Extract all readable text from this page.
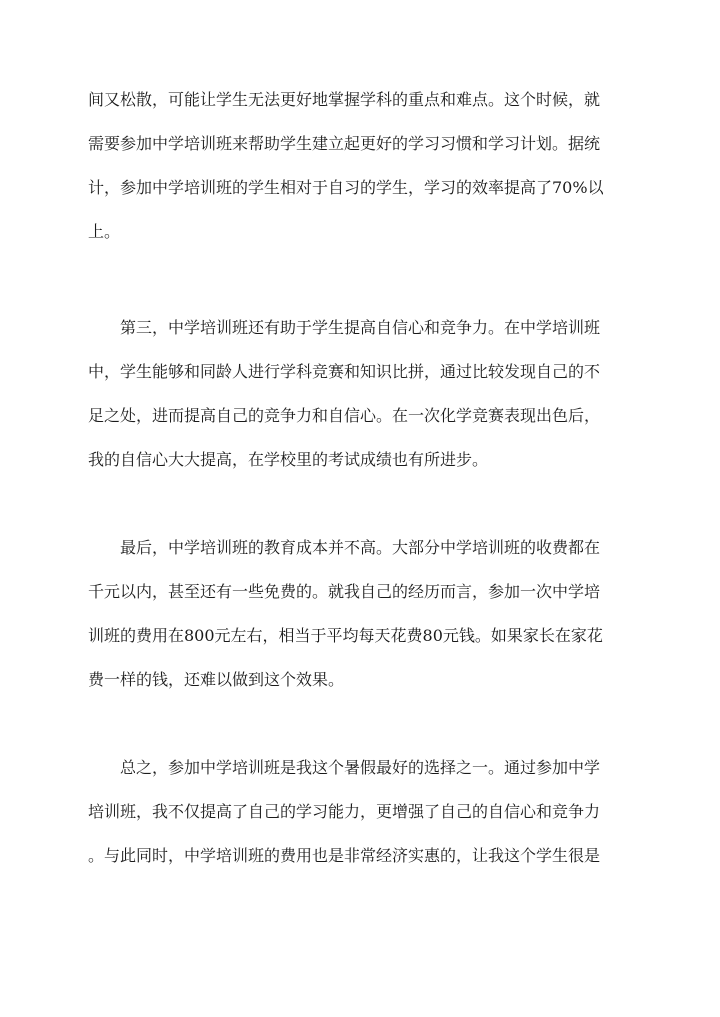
间又松散，可能让学生无法更好地掌握学科的重点和难点。这个时候，就
需要参加中学培训班来帮助学生建立起更好的学习习惯和学习计划。据统
计，参加中学培训班的学生相对于自习的学生，学习的效率提高了70%以
上。
第三，中学培训班还有助于学生提高自信心和竞争力。在中学培训班
中，学生能够和同龄人进行学科竞赛和知识比拼，通过比较发现自己的不
足之处，进而提高自己的竞争力和自信心。在一次化学竞赛表现出色后，
我的自信心大大提高，在学校里的考试成绩也有所进步。
最后，中学培训班的教育成本并不高。大部分中学培训班的收费都在
千元以内，甚至还有一些免费的。就我自己的经历而言，参加一次中学培
训班的费用在800元左右，相当于平均每天花费80元钱。如果家长在家花
费一样的钱，还难以做到这个效果。
总之，参加中学培训班是我这个暑假最好的选择之一。通过参加中学
培训班，我不仅提高了自己的学习能力，更增强了自己的自信心和竞争力
。与此同时，中学培训班的费用也是非常经济实惠的，让我这个学生很是
